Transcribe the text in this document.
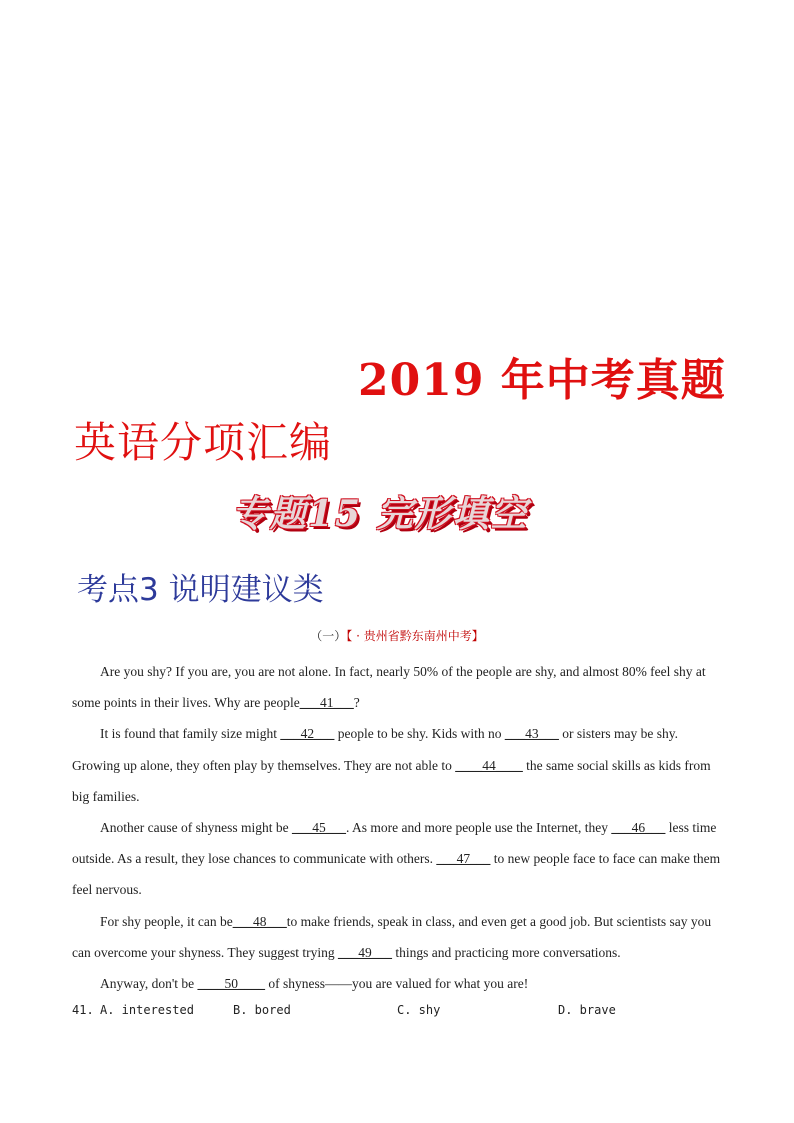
2019 年中考真题
英语分项汇编
专题15 完形填空
考点3 说明建议类
（一）【 · 贵州省黔东南州中考】

Are you shy? If you are, you are not alone. In fact, nearly 50% of the people are shy, and almost 80% feel shy at some points in their lives. Why are people___41___?

It is found that family size might ___42___ people to be shy. Kids with no ___43___ or sisters may be shy. Growing up alone, they often play by themselves. They are not able to ____44____ the same social skills as kids from big families.

Another cause of shyness might be ___45___. As more and more people use the Internet, they ___46___ less time outside. As a result, they lose chances to communicate with others. ___47___ to new people face to face can make them feel nervous.

For shy people, it can be___48___to make friends, speak in class, and even get a good job. But scientists say you can overcome your shyness. They suggest trying ___49___ things and practicing more conversations.

Anyway, don't be ____50____ of shyness——you are valued for what you are!

41. A. interested	B. bored	C. shy	D. brave
